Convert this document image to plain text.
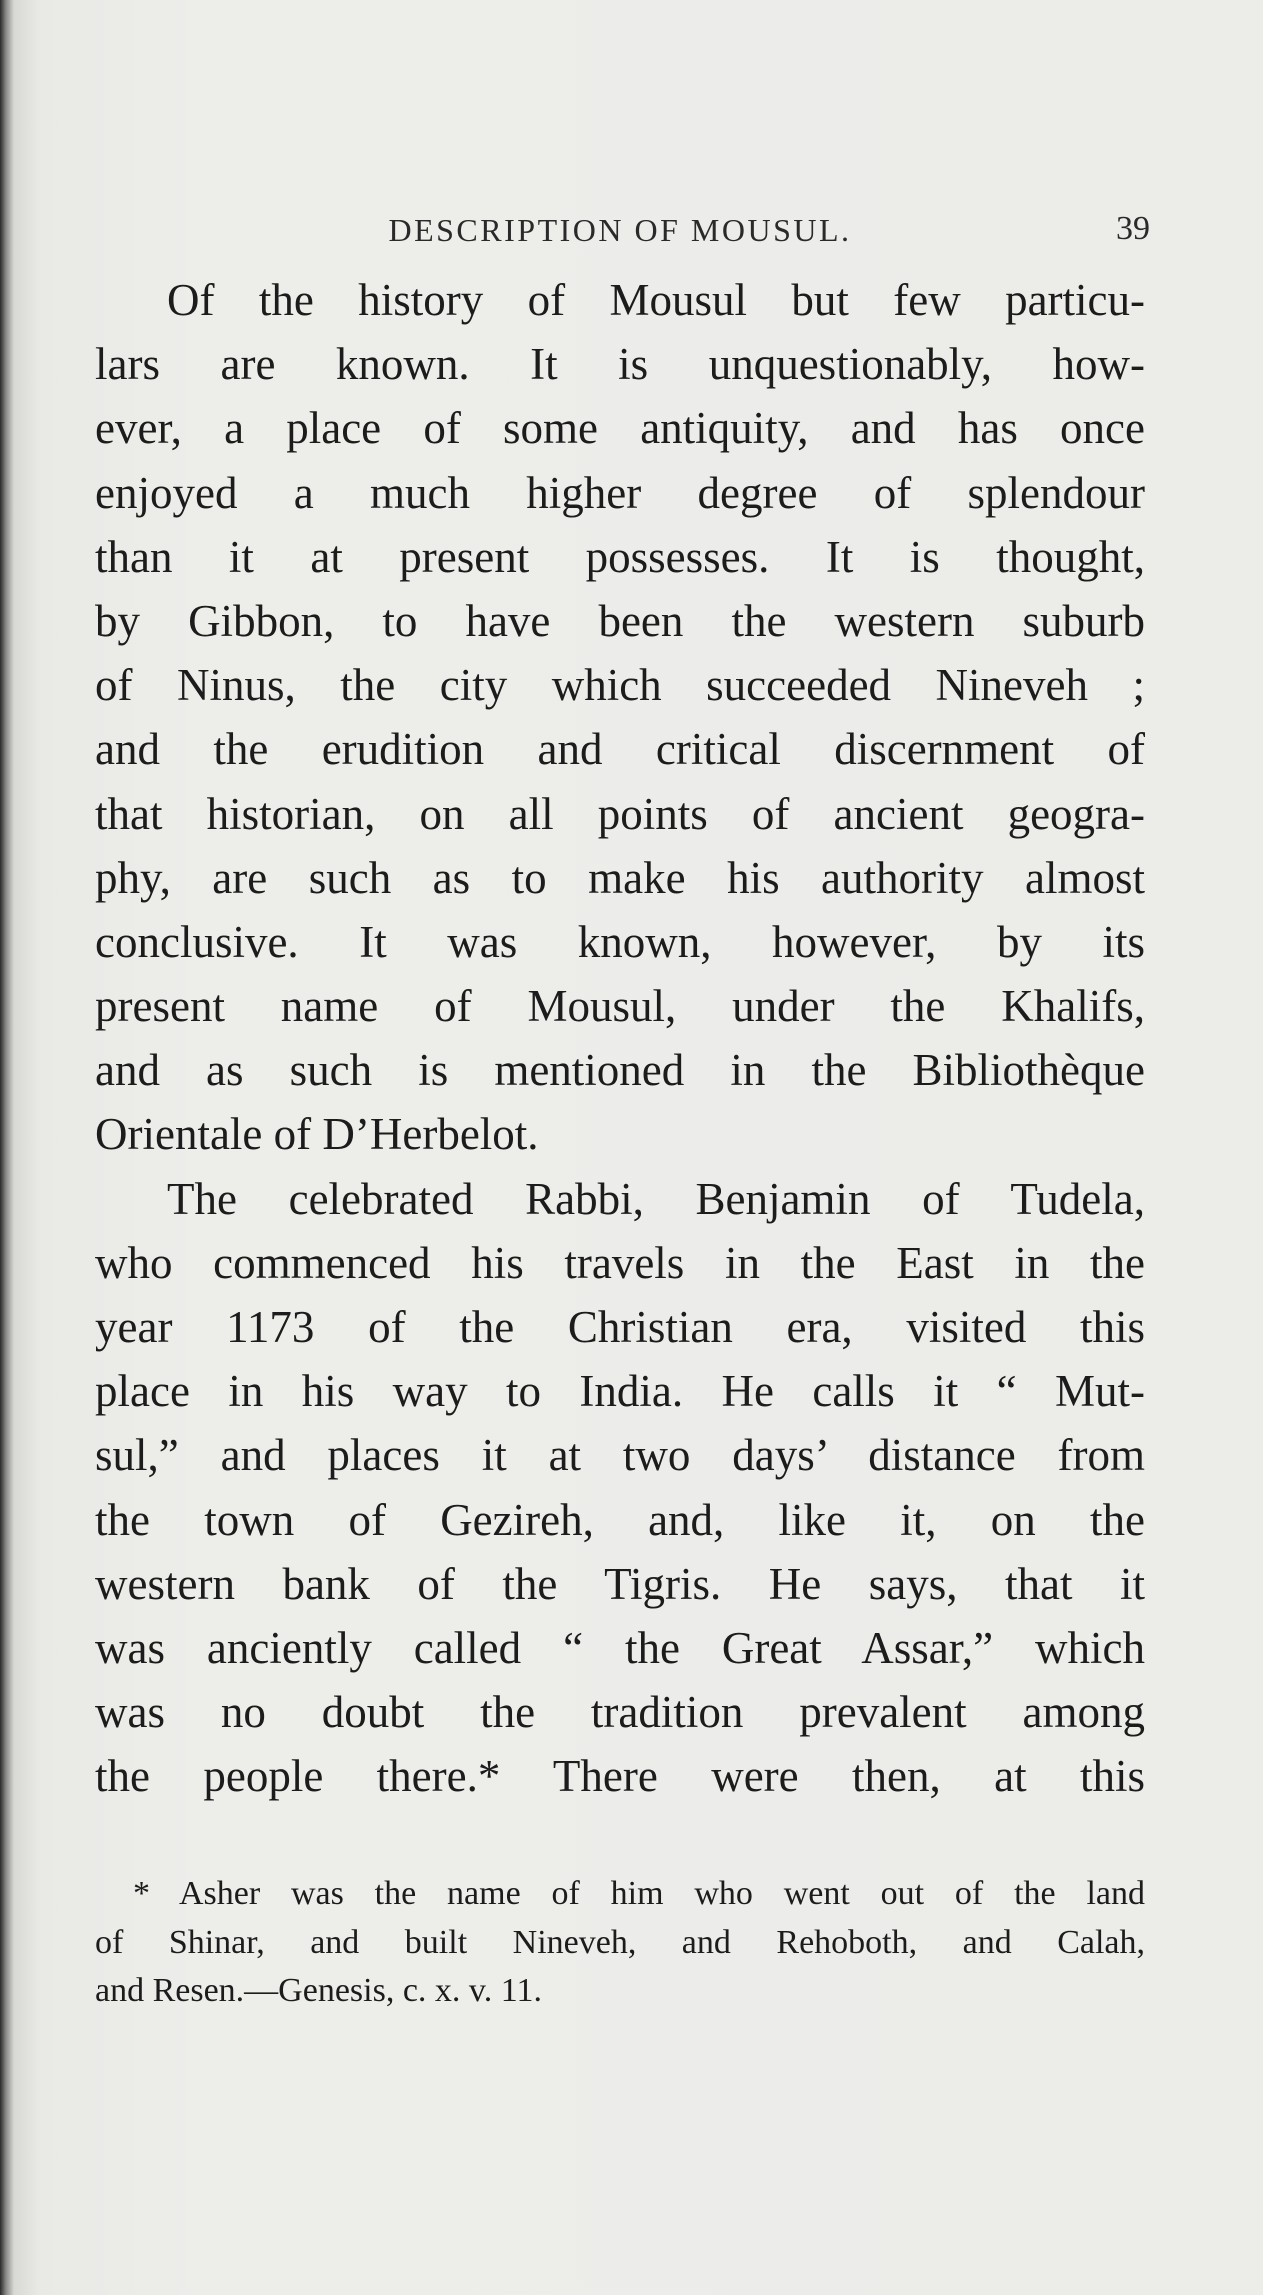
DESCRIPTION OF MOUSUL.	39
Of the history of Mousul but few particu-
lars are known. It is unquestionably, how-
ever, a place of some antiquity, and has once
enjoyed a much higher degree of splendour
than it at present possesses. It is thought,
by Gibbon, to have been the western suburb
of Ninus, the city which succeeded Nineveh ;
and the erudition and critical discernment of
that historian, on all points of ancient geogra-
phy, are such as to make his authority almost
conclusive. It was known, however, by its
present name of Mousul, under the Khalifs,
and as such is mentioned in the Bibliothèque
Orientale of D’Herbelot.
The celebrated Rabbi, Benjamin of Tudela,
who commenced his travels in the East in the
year 1173 of the Christian era, visited this
place in his way to India. He calls it “ Mut-
sul,” and places it at two days’ distance from
the town of Gezireh, and, like it, on the
western bank of the Tigris. He says, that it
was anciently called “ the Great Assar,” which
was no doubt the tradition prevalent among
the people there.* There were then, at this
* Asher was the name of him who went out of the land
of Shinar, and built Nineveh, and Rehoboth, and Calah,
and Resen.—Genesis, c. x. v. 11.
